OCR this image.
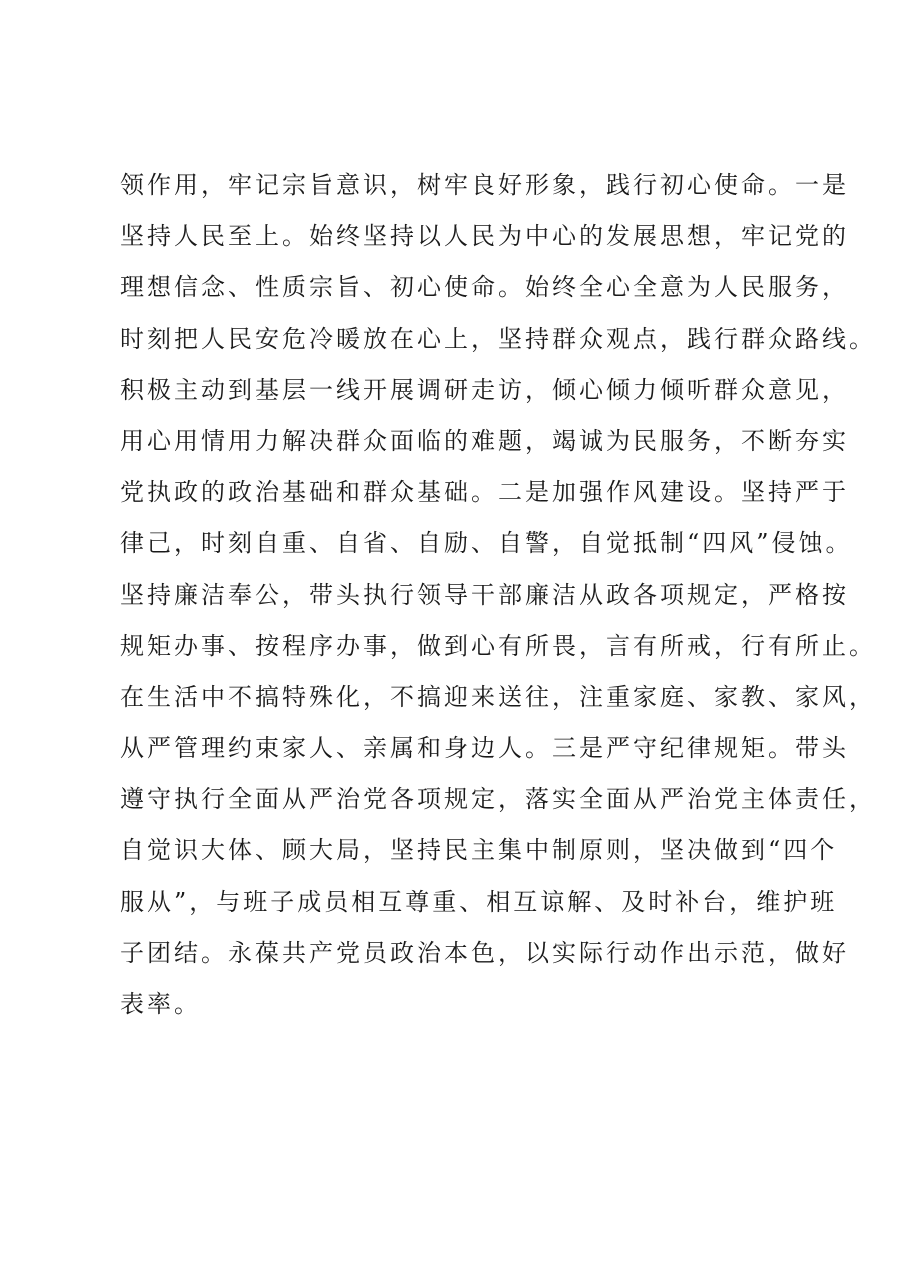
领作用，牢记宗旨意识，树牢良好形象，践行初心使命。一是
坚持人民至上。始终坚持以人民为中心的发展思想，牢记党的
理想信念、性质宗旨、初心使命。始终全心全意为人民服务，
时刻把人民安危冷暖放在心上，坚持群众观点，践行群众路线。
积极主动到基层一线开展调研走访，倾心倾力倾听群众意见，
用心用情用力解决群众面临的难题，竭诚为民服务，不断夯实
党执政的政治基础和群众基础。二是加强作风建设。坚持严于
律己，时刻自重、自省、自励、自警，自觉抵制“四风”侵蚀。
坚持廉洁奉公，带头执行领导干部廉洁从政各项规定，严格按
规矩办事、按程序办事，做到心有所畏，言有所戒，行有所止。
在生活中不搞特殊化，不搞迎来送往，注重家庭、家教、家风，
从严管理约束家人、亲属和身边人。三是严守纪律规矩。带头
遵守执行全面从严治党各项规定，落实全面从严治党主体责任，
自觉识大体、顾大局，坚持民主集中制原则，坚决做到“四个
服从”，与班子成员相互尊重、相互谅解、及时补台，维护班
子团结。永葆共产党员政治本色，以实际行动作出示范，做好
表率。
